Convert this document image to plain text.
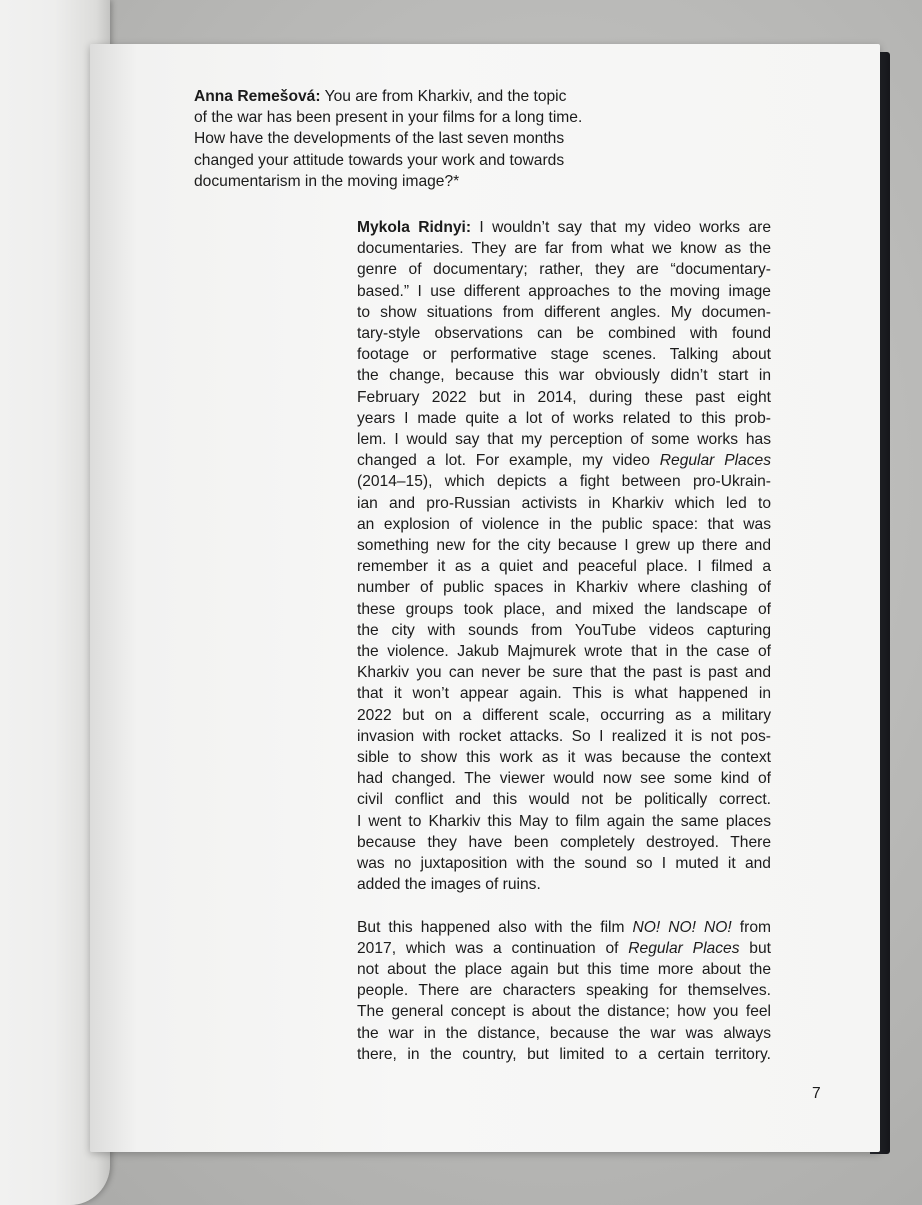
Anna Remešová: You are from Kharkiv, and the topic
of the war has been present in your films for a long time.
How have the developments of the last seven months
changed your attitude towards your work and towards
documentarism in the moving image?*

Mykola Ridnyi: I wouldn’t say that my video works are
documentaries. They are far from what we know as the
genre of documentary; rather, they are “documentary-
based.” I use different approaches to the moving image
to show situations from different angles. My documen-
tary-style observations can be combined with found
footage or performative stage scenes. Talking about
the change, because this war obviously didn’t start in
February 2022 but in 2014, during these past eight
years I made quite a lot of works related to this prob-
lem. I would say that my perception of some works has
changed a lot. For example, my video Regular Places
(2014–15), which depicts a fight between pro-Ukrain-
ian and pro-Russian activists in Kharkiv which led to
an explosion of violence in the public space: that was
something new for the city because I grew up there and
remember it as a quiet and peaceful place. I filmed a
number of public spaces in Kharkiv where clashing of
these groups took place, and mixed the landscape of
the city with sounds from YouTube videos capturing
the violence. Jakub Majmurek wrote that in the case of
Kharkiv you can never be sure that the past is past and
that it won’t appear again. This is what happened in
2022 but on a different scale, occurring as a military
invasion with rocket attacks. So I realized it is not pos-
sible to show this work as it was because the context
had changed. The viewer would now see some kind of
civil conflict and this would not be politically correct.
I went to Kharkiv this May to film again the same places
because they have been completely destroyed. There
was no juxtaposition with the sound so I muted it and
added the images of ruins.

But this happened also with the film NO! NO! NO! from
2017, which was a continuation of Regular Places but
not about the place again but this time more about the
people. There are characters speaking for themselves.
The general concept is about the distance; how you feel
the war in the distance, because the war was always
there, in the country, but limited to a certain territory.

7
